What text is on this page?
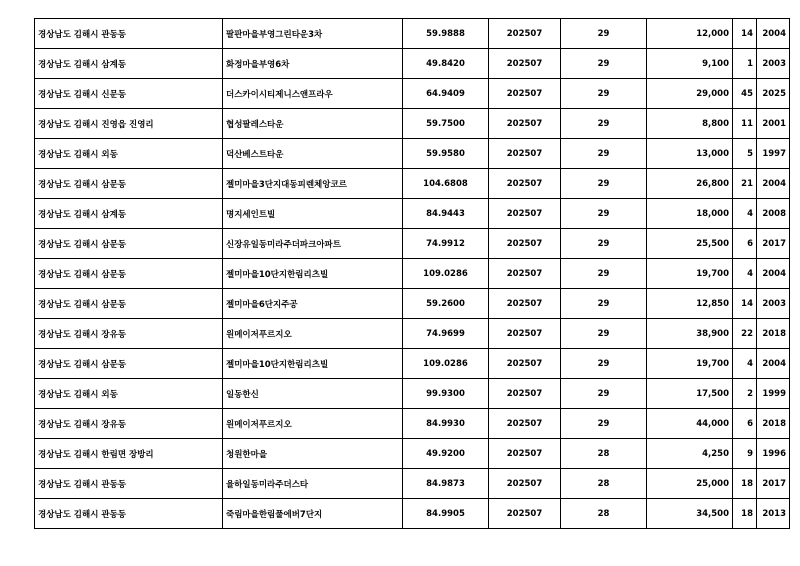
경상남도 김해시 관동동	팔판마을부영그린타운3차	59.9888	202507	29	12,000	14	2004
경상남도 김해시 삼계동	화정마을부영6차	49.8420	202507	29	9,100	1	2003
경상남도 김해시 신문동	더스카이시티제니스앤프라우	64.9409	202507	29	29,000	45	2025
경상남도 김해시 진영읍 진영리	협성팔레스타운	59.7500	202507	29	8,800	11	2001
경상남도 김해시 외동	덕산베스트타운	59.9580	202507	29	13,000	5	1997
경상남도 김해시 삼문동	젤미마을3단지대동피렌체앙코르	104.6808	202507	29	26,800	21	2004
경상남도 김해시 삼계동	명지세인트빌	84.9443	202507	29	18,000	4	2008
경상남도 김해시 삼문동	신장유일동미라주더파크아파트	74.9912	202507	29	25,500	6	2017
경상남도 김해시 삼문동	젤미마을10단지한림리츠빌	109.0286	202507	29	19,700	4	2004
경상남도 김해시 삼문동	젤미마을6단지주공	59.2600	202507	29	12,850	14	2003
경상남도 김해시 장유동	원메이저푸르지오	74.9699	202507	29	38,900	22	2018
경상남도 김해시 삼문동	젤미마을10단지한림리츠빌	109.0286	202507	29	19,700	4	2004
경상남도 김해시 외동	일동한신	99.9300	202507	29	17,500	2	1999
경상남도 김해시 장유동	원메이저푸르지오	84.9930	202507	29	44,000	6	2018
경상남도 김해시 한림면 장방리	청원한마을	49.9200	202507	28	4,250	9	1996
경상남도 김해시 관동동	율하일동미라주더스타	84.9873	202507	28	25,000	18	2017
경상남도 김해시 관동동	죽림마을한림풀에버7단지	84.9905	202507	28	34,500	18	2013
